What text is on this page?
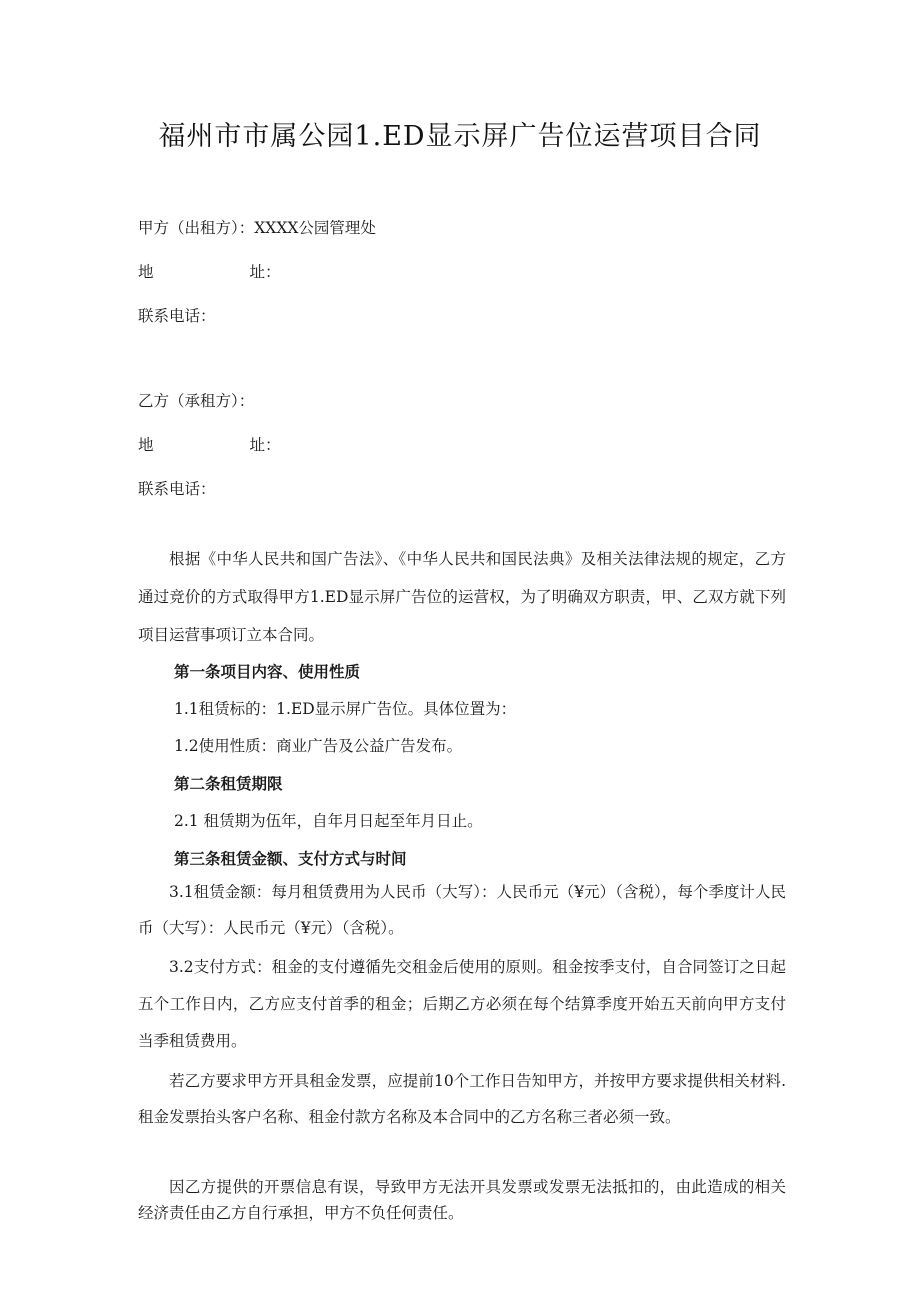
福州市市属公园1.ED显示屏广告位运营项目合同
甲方（出租方）：XXXX公园管理处
地	址：
联系电话：
乙方（承租方）：
地	址：
联系电话：

根据《中华人民共和国广告法》、《中华人民共和国民法典》及相关法律法规的规定，乙方通过竞价的方式取得甲方1.ED显示屏广告位的运营权，为了明确双方职责，甲、乙双方就下列项目运营事项订立本合同。

第一条项目内容、使用性质
1.1租赁标的：1.ED显示屏广告位。具体位置为：
1.2使用性质：商业广告及公益广告发布。
第二条租赁期限
2.1 租赁期为伍年，自年月日起至年月日止。
第三条租赁金额、支付方式与时间

3.1租赁金额：每月租赁费用为人民币（大写）：人民币元（¥元）（含税），每个季度计人民币（大写）：人民币元（¥元）（含税）。

3.2支付方式：租金的支付遵循先交租金后使用的原则。租金按季支付，自合同签订之日起五个工作日内，乙方应支付首季的租金；后期乙方必须在每个结算季度开始五天前向甲方支付当季租赁费用。

若乙方要求甲方开具租金发票，应提前10个工作日告知甲方，并按甲方要求提供相关材料.租金发票抬头客户名称、租金付款方名称及本合同中的乙方名称三者必须一致。

因乙方提供的开票信息有误，导致甲方无法开具发票或发票无法抵扣的，由此造成的相关经济责任由乙方自行承担，甲方不负任何责任。
